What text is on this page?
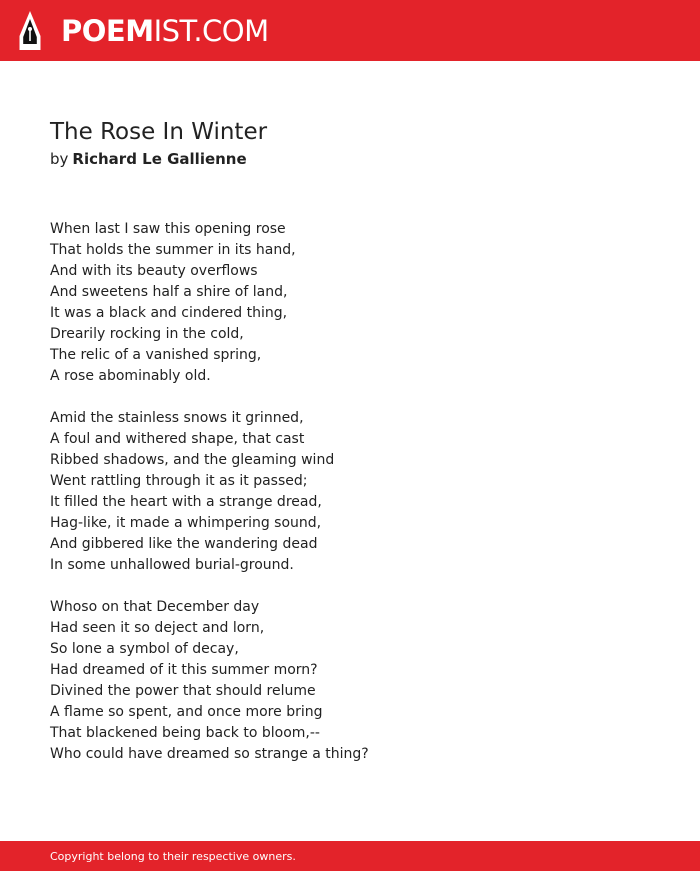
POEMIST.COM
The Rose In Winter
by Richard Le Gallienne
When last I saw this opening rose
That holds the summer in its hand,
And with its beauty overflows
And sweetens half a shire of land,
It was a black and cindered thing,
Drearily rocking in the cold,
The relic of a vanished spring,
A rose abominably old.
Amid the stainless snows it grinned,
A foul and withered shape, that cast
Ribbed shadows, and the gleaming wind
Went rattling through it as it passed;
It filled the heart with a strange dread,
Hag-like, it made a whimpering sound,
And gibbered like the wandering dead
In some unhallowed burial-ground.
Whoso on that December day
Had seen it so deject and lorn,
So lone a symbol of decay,
Had dreamed of it this summer morn?
Divined the power that should relume
A flame so spent, and once more bring
That blackened being back to bloom,--
Who could have dreamed so strange a thing?
Copyright belong to their respective owners.
